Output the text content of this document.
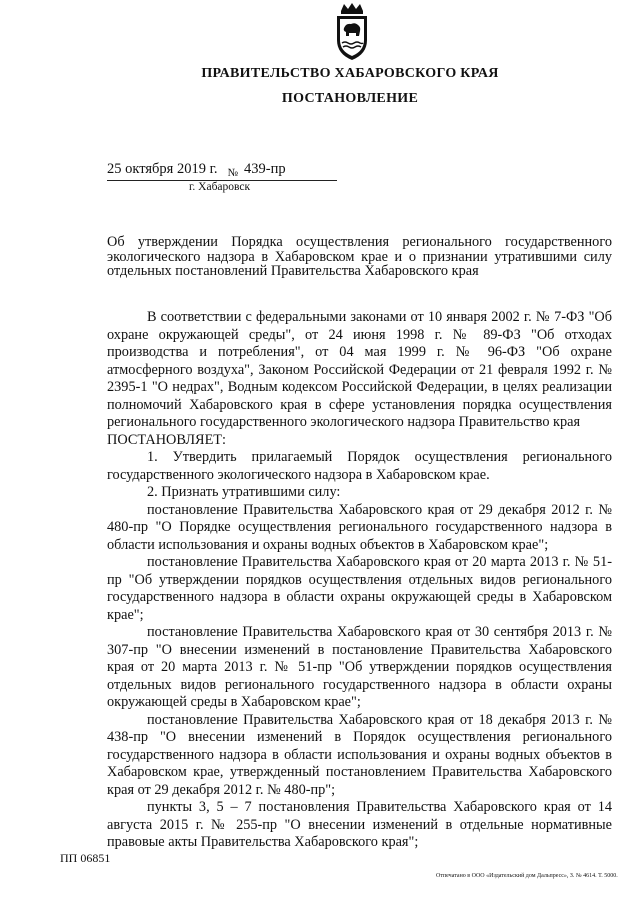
ПРАВИТЕЛЬСТВО ХАБАРОВСКОГО КРАЯ
ПОСТАНОВЛЕНИЕ
25 октября 2019 г. $_№$ 439-пр
г. Хабаровск
Об утверждении Порядка осуществления регионального государственного экологического надзора в Хабаровском крае и о признании утратившими силу отдельных постановлений Правительства Хабаровского края

В соответствии с федеральными законами от 10 января 2002 г. № 7-ФЗ "Об охране окружающей среды", от 24 июня 1998 г. № 89-ФЗ "Об отходах производства и потребления", от 04 мая 1999 г. № 96-ФЗ "Об охране атмосферного воздуха", Законом Российской Федерации от 21 февраля 1992 г. № 2395-1 "О недрах", Водным кодексом Российской Федерации, в целях реализации полномочий Хабаровского края в сфере установления порядка осуществления регионального государственного экологического надзора Правительство края

ПОСТАНОВЛЯЕТ:

1. Утвердить прилагаемый Порядок осуществления регионального государственного экологического надзора в Хабаровском крае.

2. Признать утратившими силу:

постановление Правительства Хабаровского края от 29 декабря 2012 г. № 480-пр "О Порядке осуществления регионального государственного надзора в области использования и охраны водных объектов в Хабаровском крае";

постановление Правительства Хабаровского края от 20 марта 2013 г. № 51-пр "Об утверждении порядков осуществления отдельных видов регионального государственного надзора в области охраны окружающей среды в Хабаровском крае";

постановление Правительства Хабаровского края от 30 сентября 2013 г. № 307-пр "О внесении изменений в постановление Правительства Хабаровского края от 20 марта 2013 г. № 51-пр "Об утверждении порядков осуществления отдельных видов регионального государственного надзора в области охраны окружающей среды в Хабаровском крае";

постановление Правительства Хабаровского края от 18 декабря 2013 г. № 438-пр "О внесении изменений в Порядок осуществления регионального государственного надзора в области использования и охраны водных объектов в Хабаровском крае, утвержденный постановлением Правительства Хабаровского края от 29 декабря 2012 г. № 480-пр";

пункты 3, 5 – 7 постановления Правительства Хабаровского края от 14 августа 2015 г. № 255-пр "О внесении изменений в отдельные нормативные правовые акты Правительства Хабаровского края";

ПП 06851
Отпечатано в ООО «Издательский дом Дальпресс», З. № 4614. Т. 5000.
